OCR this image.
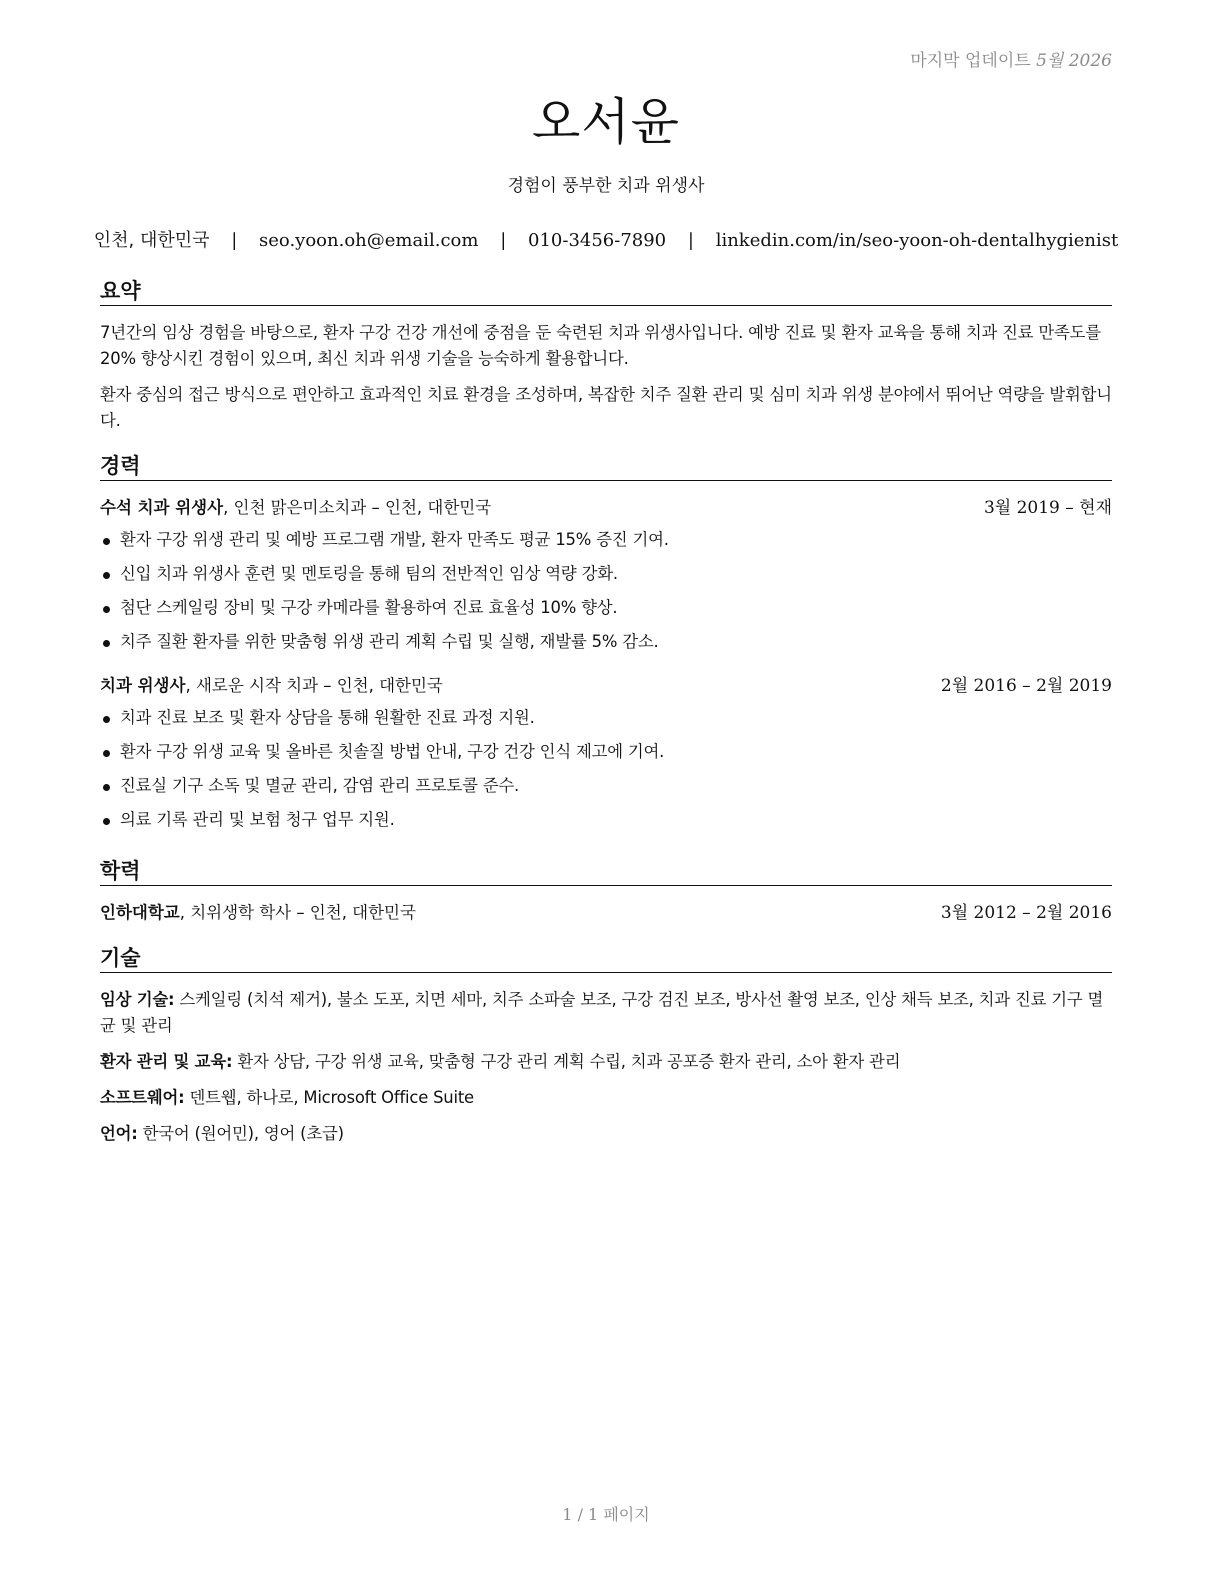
마지막 업데이트 5월 2026
오서윤
경험이 풍부한 치과 위생사
인천, 대한민국 | seo.yoon.oh@email.com | 010-3456-7890 | linkedin.com/in/seo-yoon-oh-dentalhygienist
요약

7년간의 임상 경험을 바탕으로, 환자 구강 건강 개선에 중점을 둔 숙련된 치과 위생사입니다. 예방 진료 및 환자 교육을 통해 치과 진료 만족도를 20% 향상시킨 경험이 있으며, 최신 치과 위생 기술을 능숙하게 활용합니다.

환자 중심의 접근 방식으로 편안하고 효과적인 치료 환경을 조성하며, 복잡한 치주 질환 관리 및 심미 치과 위생 분야에서 뛰어난 역량을 발휘합니다.

경력
수석 치과 위생사, 인천 맑은미소치과 – 인천, 대한민국	3월 2019 – 현재
환자 구강 위생 관리 및 예방 프로그램 개발, 환자 만족도 평균 15% 증진 기여.
신입 치과 위생사 훈련 및 멘토링을 통해 팀의 전반적인 임상 역량 강화.
첨단 스케일링 장비 및 구강 카메라를 활용하여 진료 효율성 10% 향상.
치주 질환 환자를 위한 맞춤형 위생 관리 계획 수립 및 실행, 재발률 5% 감소.
치과 위생사, 새로운 시작 치과 – 인천, 대한민국	2월 2016 – 2월 2019
치과 진료 보조 및 환자 상담을 통해 원활한 진료 과정 지원.
환자 구강 위생 교육 및 올바른 칫솔질 방법 안내, 구강 건강 인식 제고에 기여.
진료실 기구 소독 및 멸균 관리, 감염 관리 프로토콜 준수.
의료 기록 관리 및 보험 청구 업무 지원.
학력
인하대학교, 치위생학 학사 – 인천, 대한민국	3월 2012 – 2월 2016
기술

임상 기술: 스케일링 (치석 제거), 불소 도포, 치면 세마, 치주 소파술 보조, 구강 검진 보조, 방사선 촬영 보조, 인상 채득 보조, 치과 진료 기구 멸균 및 관리

환자 관리 및 교육: 환자 상담, 구강 위생 교육, 맞춤형 구강 관리 계획 수립, 치과 공포증 환자 관리, 소아 환자 관리

소프트웨어: 덴트웹, 하나로, Microsoft Office Suite

언어: 한국어 (원어민), 영어 (초급)

1 / 1 페이지
